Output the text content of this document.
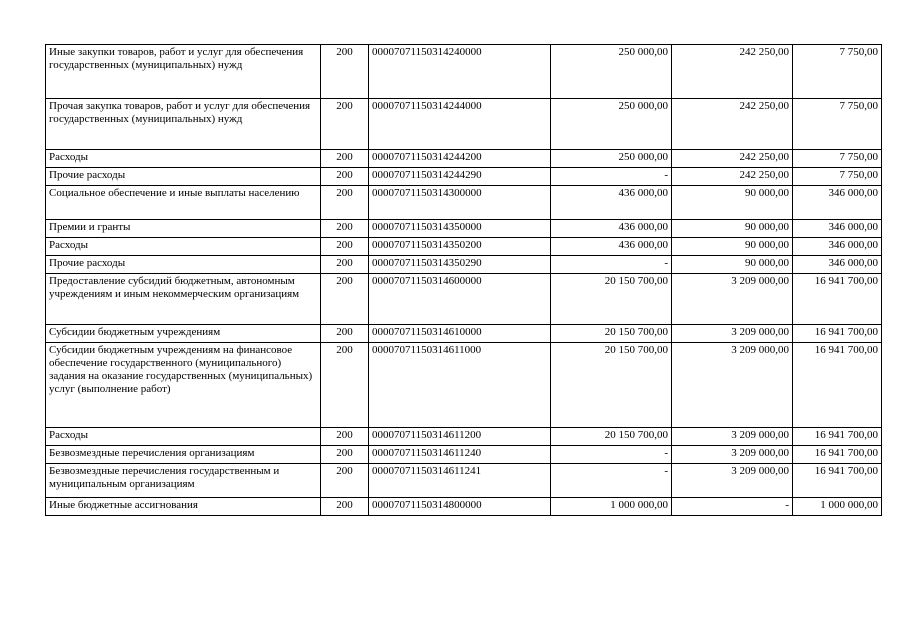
Иные закупки товаров, работ и услуг для обеспечения государственных (муниципальных) нужд	200	00007071150314240000	250 000,00	242 250,00	7 750,00
Прочая закупка товаров, работ и услуг для обеспечения государственных (муниципальных) нужд	200	00007071150314244000	250 000,00	242 250,00	7 750,00
Расходы	200	00007071150314244200	250 000,00	242 250,00	7 750,00
Прочие расходы	200	00007071150314244290	-	242 250,00	7 750,00
Социальное обеспечение и иные выплаты населению	200	00007071150314300000	436 000,00	90 000,00	346 000,00
Премии и гранты	200	00007071150314350000	436 000,00	90 000,00	346 000,00
Расходы	200	00007071150314350200	436 000,00	90 000,00	346 000,00
Прочие расходы	200	00007071150314350290	-	90 000,00	346 000,00
Предоставление субсидий бюджетным, автономным учреждениям и иным некоммерческим организациям	200	00007071150314600000	20 150 700,00	3 209 000,00	16 941 700,00
Субсидии бюджетным учреждениям	200	00007071150314610000	20 150 700,00	3 209 000,00	16 941 700,00
Субсидии бюджетным учреждениям на финансовое обеспечение государственного (муниципального) задания на оказание государственных (муниципальных) услуг (выполнение работ)	200	00007071150314611000	20 150 700,00	3 209 000,00	16 941 700,00
Расходы	200	00007071150314611200	20 150 700,00	3 209 000,00	16 941 700,00
Безвозмездные перечисления организациям	200	00007071150314611240	-	3 209 000,00	16 941 700,00
Безвозмездные перечисления государственным и муниципальным организациям	200	00007071150314611241	-	3 209 000,00	16 941 700,00
Иные бюджетные ассигнования	200	00007071150314800000	1 000 000,00	-	1 000 000,00
